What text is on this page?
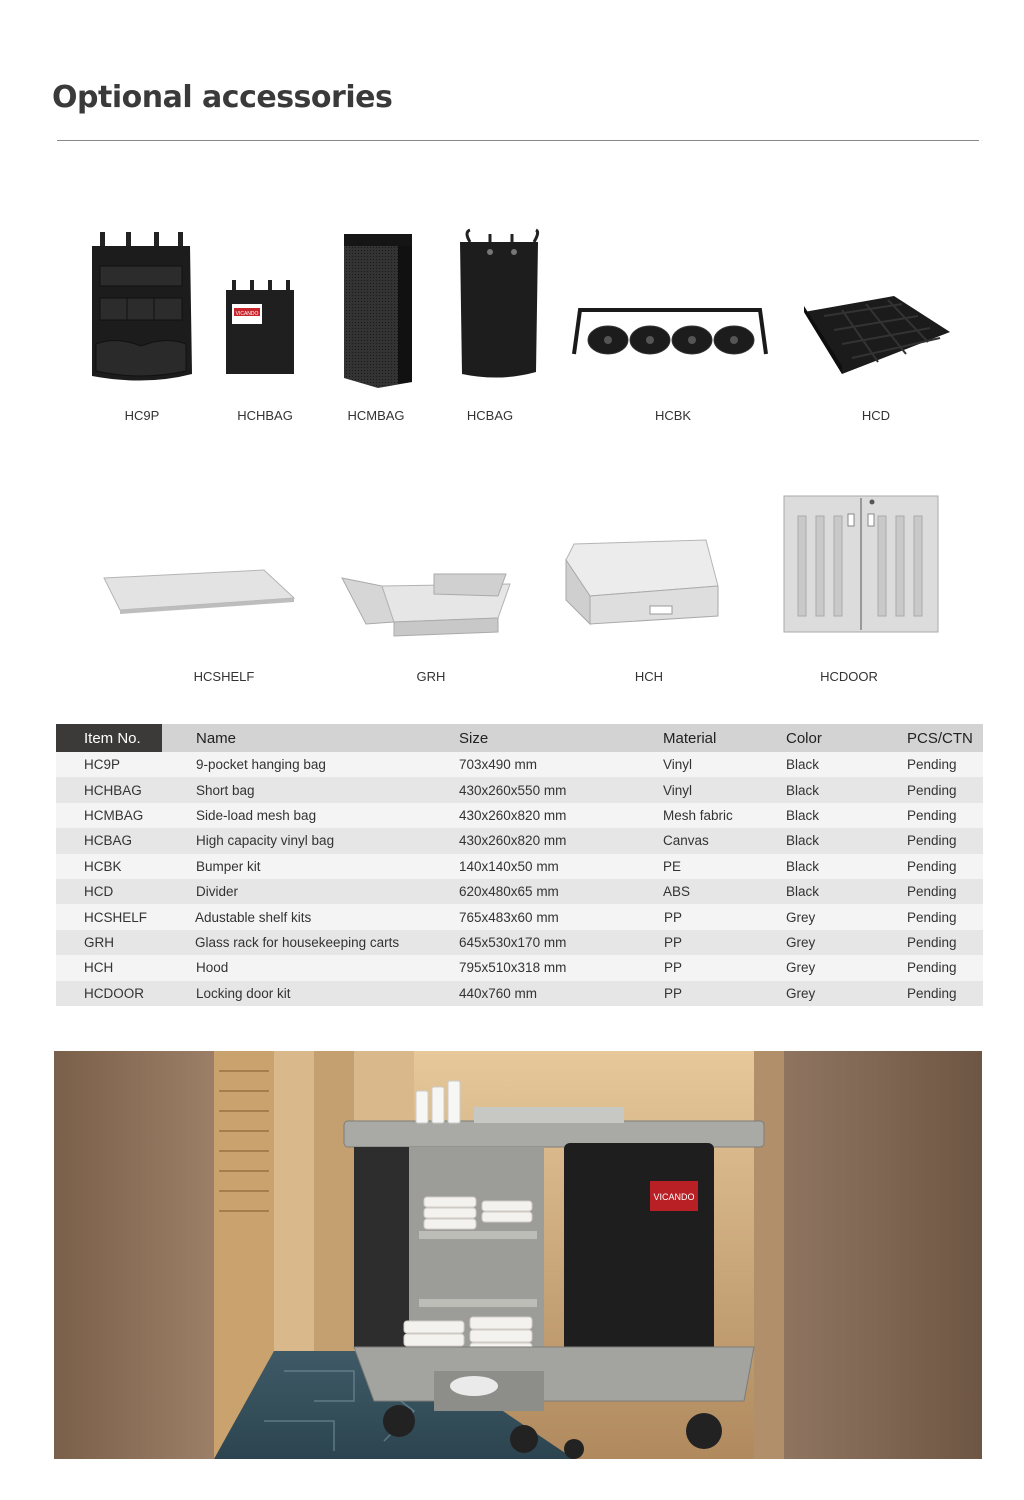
Optional accessories
HC9P
VICANDO
HCHBAG	HCMBAG	HCBAG	HCBK	HCD
HCSHELF	GRH	HCH	HCDOOR
Item No.	Name	Size	Material	Color	PCS/CTN
HC9P	9-pocket hanging bag	703x490 mm	Vinyl	Black	Pending
HCHBAG	Short bag	430x260x550 mm	Vinyl	Black	Pending
HCMBAG	Side-load mesh bag	430x260x820 mm	Mesh fabric	Black	Pending
HCBAG	High capacity vinyl bag	430x260x820 mm	Canvas	Black	Pending
HCBK	Bumper kit	140x140x50 mm	PE	Black	Pending
HCD	Divider	620x480x65 mm	ABS	Black	Pending
HCSHELF	Adustable shelf kits	765x483x60 mm	PP	Grey	Pending
GRH	Glass rack for housekeeping carts	645x530x170 mm	PP	Grey	Pending
HCH	Hood	795x510x318 mm	PP	Grey	Pending
HCDOOR	Locking door kit	440x760 mm	PP	Grey	Pending
VICANDO
